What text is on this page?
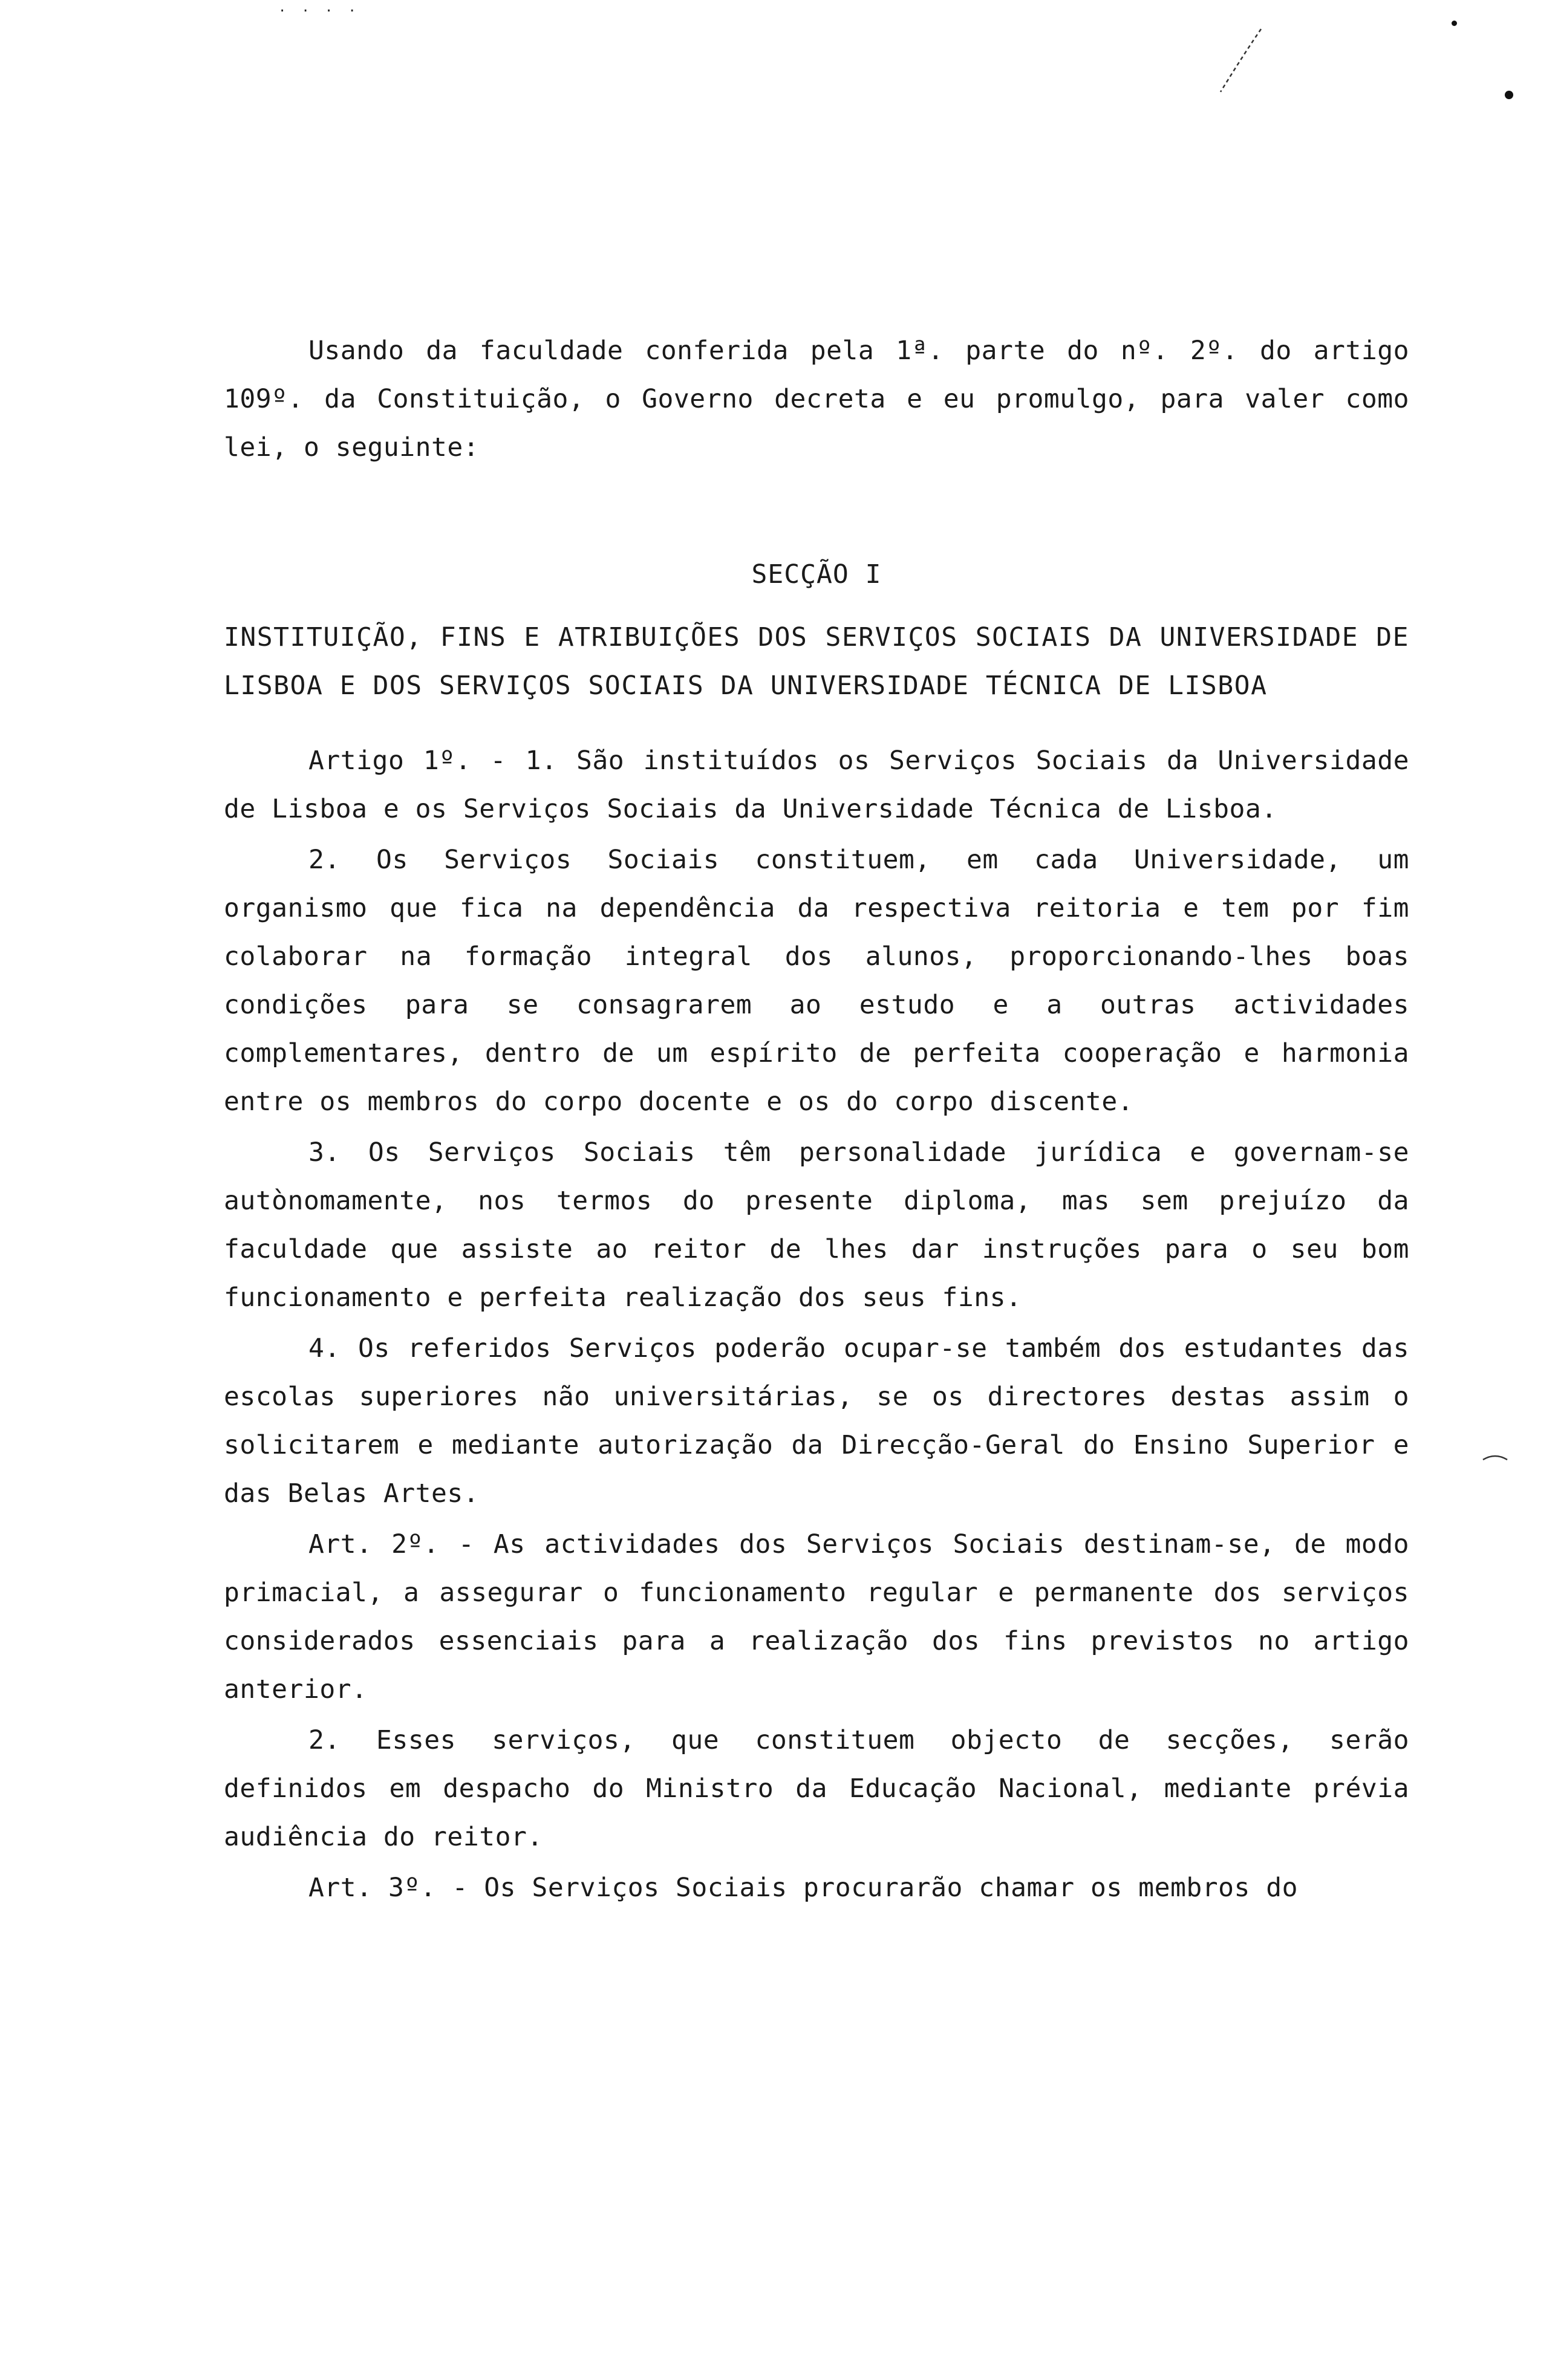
. . . .

Usando da faculdade conferida pela 1ª. parte do nº. 2º. do artigo 109º. da Constituição, o Governo decreta e eu promulgo, para valer como lei, o seguinte:

SECÇÃO I
INSTITUIÇÃO, FINS E ATRIBUIÇÕES DOS SERVIÇOS SOCIAIS DA UNIVERSIDADE DE LISBOA E DOS SERVIÇOS SOCIAIS DA UNIVERSIDADE TÉCNICA DE LISBOA

Artigo 1º. - 1. São instituídos os Serviços Sociais da Universidade de Lisboa e os Serviços Sociais da Universidade Técnica de Lisboa.

2. Os Serviços Sociais constituem, em cada Universidade, um organismo que fica na dependência da respectiva reitoria e tem por fim colaborar na formação integral dos alunos, proporcionando-lhes boas condições para se consagrarem ao estudo e a outras actividades complementares, dentro de um espírito de perfeita cooperação e harmonia entre os membros do corpo docente e os do corpo discente.

3. Os Serviços Sociais têm personalidade jurídica e governam-se autònomamente, nos termos do presente diploma, mas sem prejuízo da faculdade que assiste ao reitor de lhes dar instruções para o seu bom funcionamento e perfeita realização dos seus fins.

4. Os referidos Serviços poderão ocupar-se também dos estudantes das escolas superiores não universitárias, se os directores destas assim o solicitarem e mediante autorização da Direcção-Geral do Ensino Superior e das Belas Artes.

Art. 2º. - As actividades dos Serviços Sociais destinam-se, de modo primacial, a assegurar o funcionamento regular e permanente dos serviços considerados essenciais para a realização dos fins previstos no artigo anterior.

2. Esses serviços, que constituem objecto de secções, serão definidos em despacho do Ministro da Educação Nacional, mediante prévia audiência do reitor.

Art. 3º. - Os Serviços Sociais procurarão chamar os membros do
